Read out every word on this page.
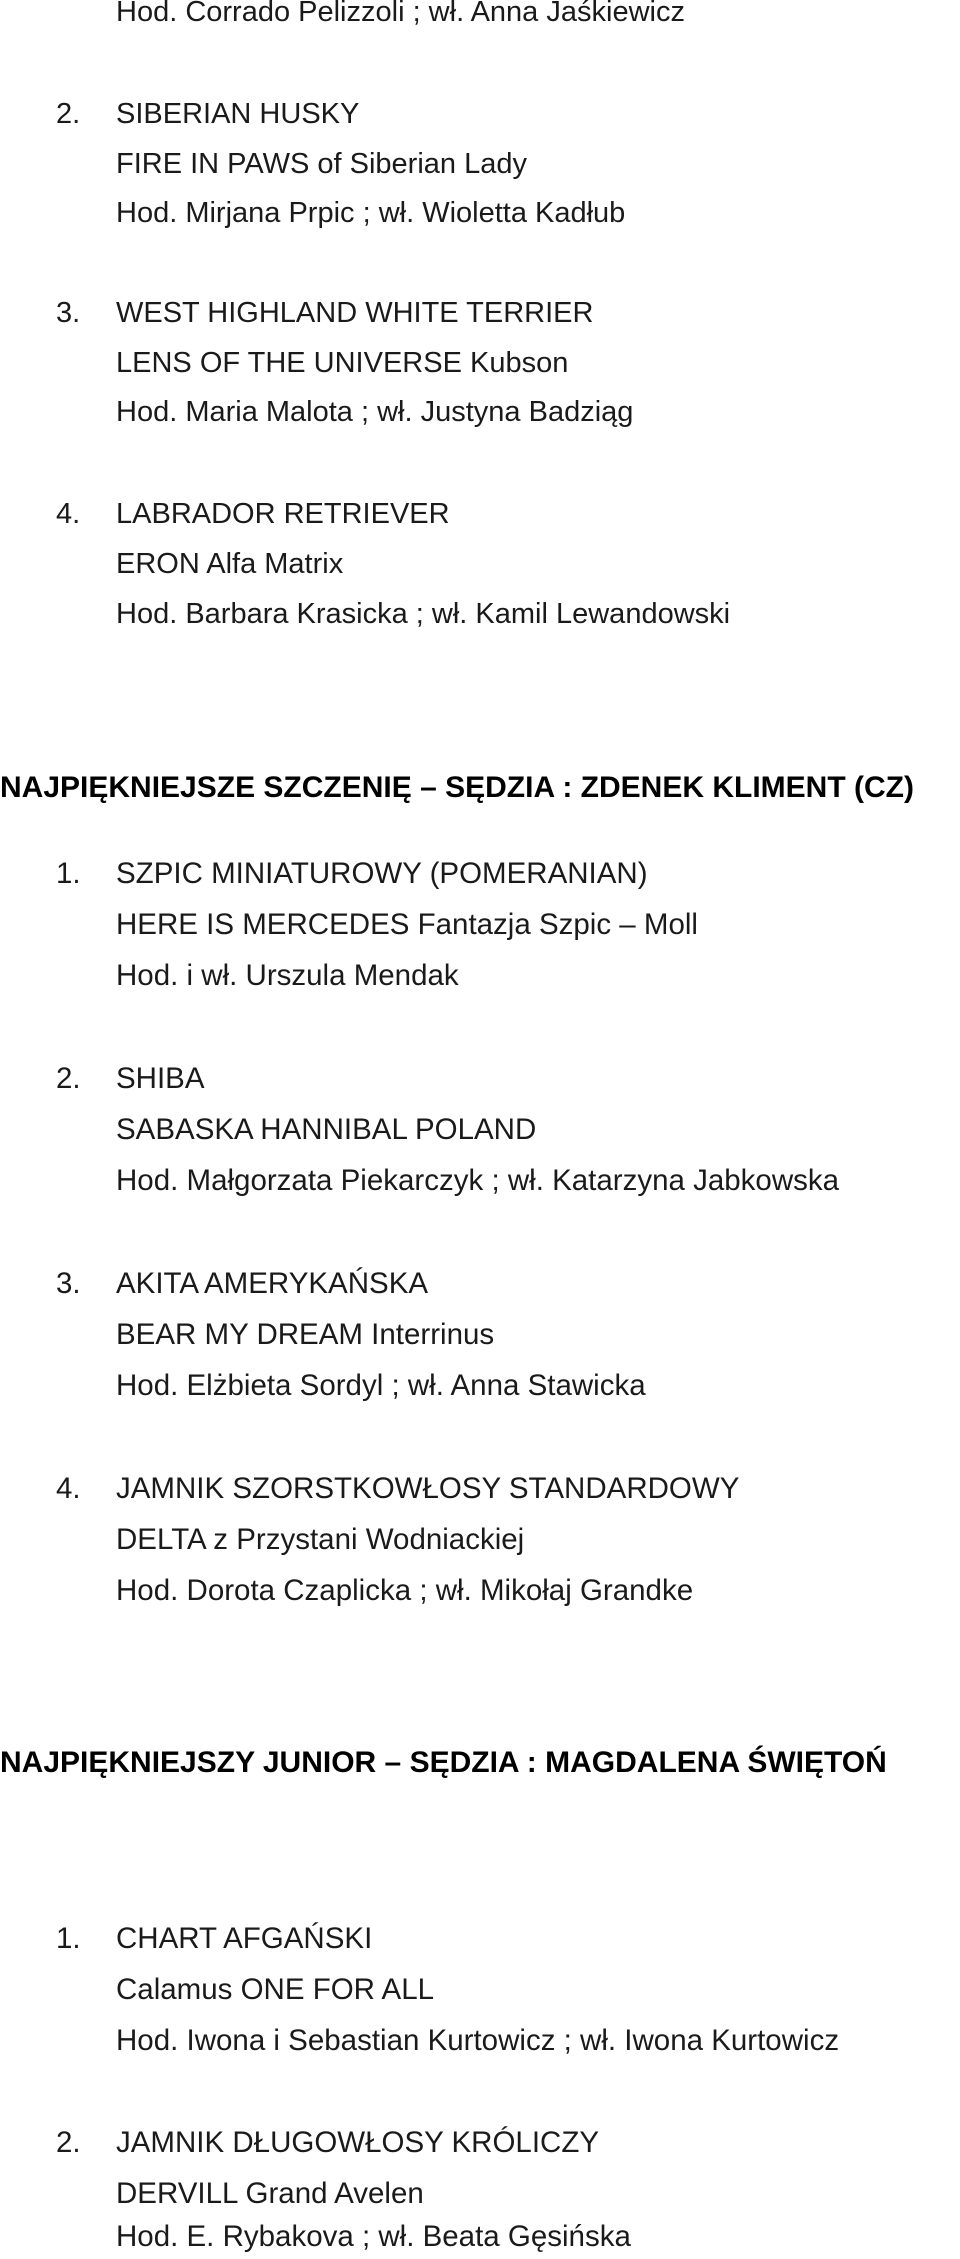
Hod. Corrado Pelizzoli ; wł. Anna Jaśkiewicz
2. SIBERIAN HUSKY
FIRE IN PAWS of Siberian Lady
Hod. Mirjana Prpic ; wł. Wioletta Kadłub
3. WEST HIGHLAND WHITE TERRIER
LENS OF THE UNIVERSE Kubson
Hod. Maria Malota ; wł. Justyna Badziąg
4. LABRADOR RETRIEVER
ERON Alfa Matrix
Hod. Barbara Krasicka ; wł. Kamil Lewandowski
NAJPIĘKNIEJSZE SZCZENIĘ – SĘDZIA : ZDENEK KLIMENT (CZ)
1. SZPIC MINIATUROWY (POMERANIAN)
HERE IS MERCEDES Fantazja Szpic – Moll
Hod. i wł. Urszula Mendak
2. SHIBA
SABASKA HANNIBAL POLAND
Hod. Małgorzata Piekarczyk ; wł. Katarzyna Jabkowska
3. AKITA AMERYKAŃSKA
BEAR MY DREAM Interrinus
Hod. Elżbieta Sordyl ; wł. Anna Stawicka
4. JAMNIK SZORSTKOWŁOSY STANDARDOWY
DELTA z Przystani Wodniackiej
Hod. Dorota Czaplicka ; wł. Mikołaj Grandke
NAJPIĘKNIEJSZY JUNIOR – SĘDZIA : MAGDALENA ŚWIĘTOŃ
1. CHART AFGAŃSKI
Calamus ONE FOR ALL
Hod. Iwona i Sebastian Kurtowicz ; wł. Iwona Kurtowicz
2. JAMNIK DŁUGOWŁOSY KRÓLICZY
DERVILL Grand Avelen
Hod. E. Rybakova ; wł. Beata Gęsińska
